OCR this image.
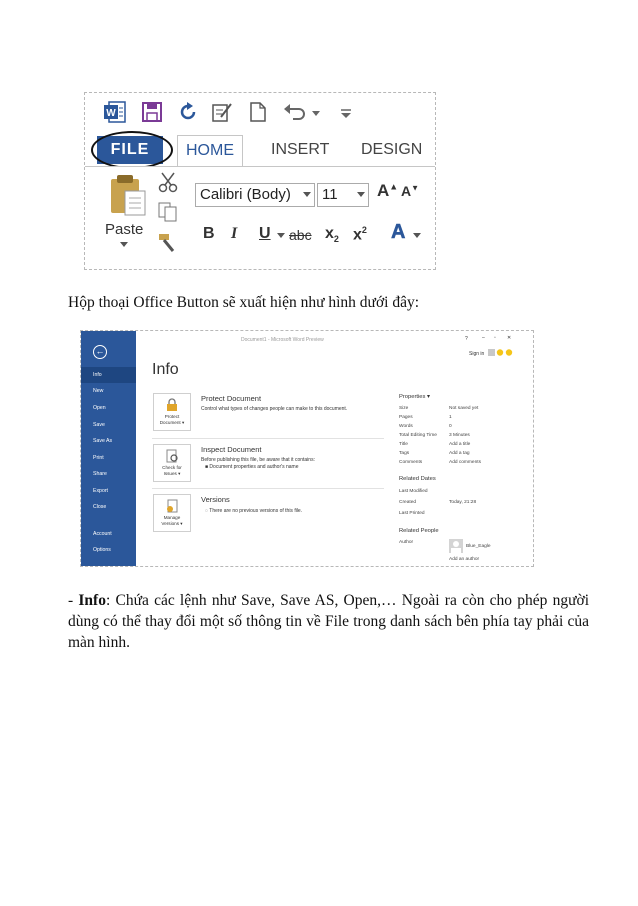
W
FILE	HOME	INSERT DESIGN
Paste
Calibri (Body)	11	A▲ A▼
B I U abc $x_2$ $x^2$ A
Hộp thoại Office Button sẽ xuất hiện như hình dưới đây:
←
Info
New
Open
Save
Save As
Print
Share
Export
Close
Account
Options
Document1 - Microsoft Word Preview	?	– ▫ ✕
Sign in
Info
Protect
Document ▾
Protect Document
Control what types of changes people can make to this document.
Check for
Issues ▾
Inspect Document
Before publishing this file, be aware that it contains:
■ Document properties and author's name
Manage
Versions ▾
Versions
◌ There are no previous versions of this file.
Properties ▾
Size	Not saved yet
Pages	1
Words	0
Total Editing Time	3 Minutes
Title	Add a title
Tags	Add a tag
Comments	Add comments
Related Dates
Last Modified
Created	Today, 21:28
Last Printed
Related People
Author
Blue_Eagle
Add an author
- Info: Chứa các lệnh như Save, Save AS, Open,… Ngoài ra còn cho phép người dùng có thể thay đổi một số thông tin về File trong danh sách bên phía tay phải của màn hình.
